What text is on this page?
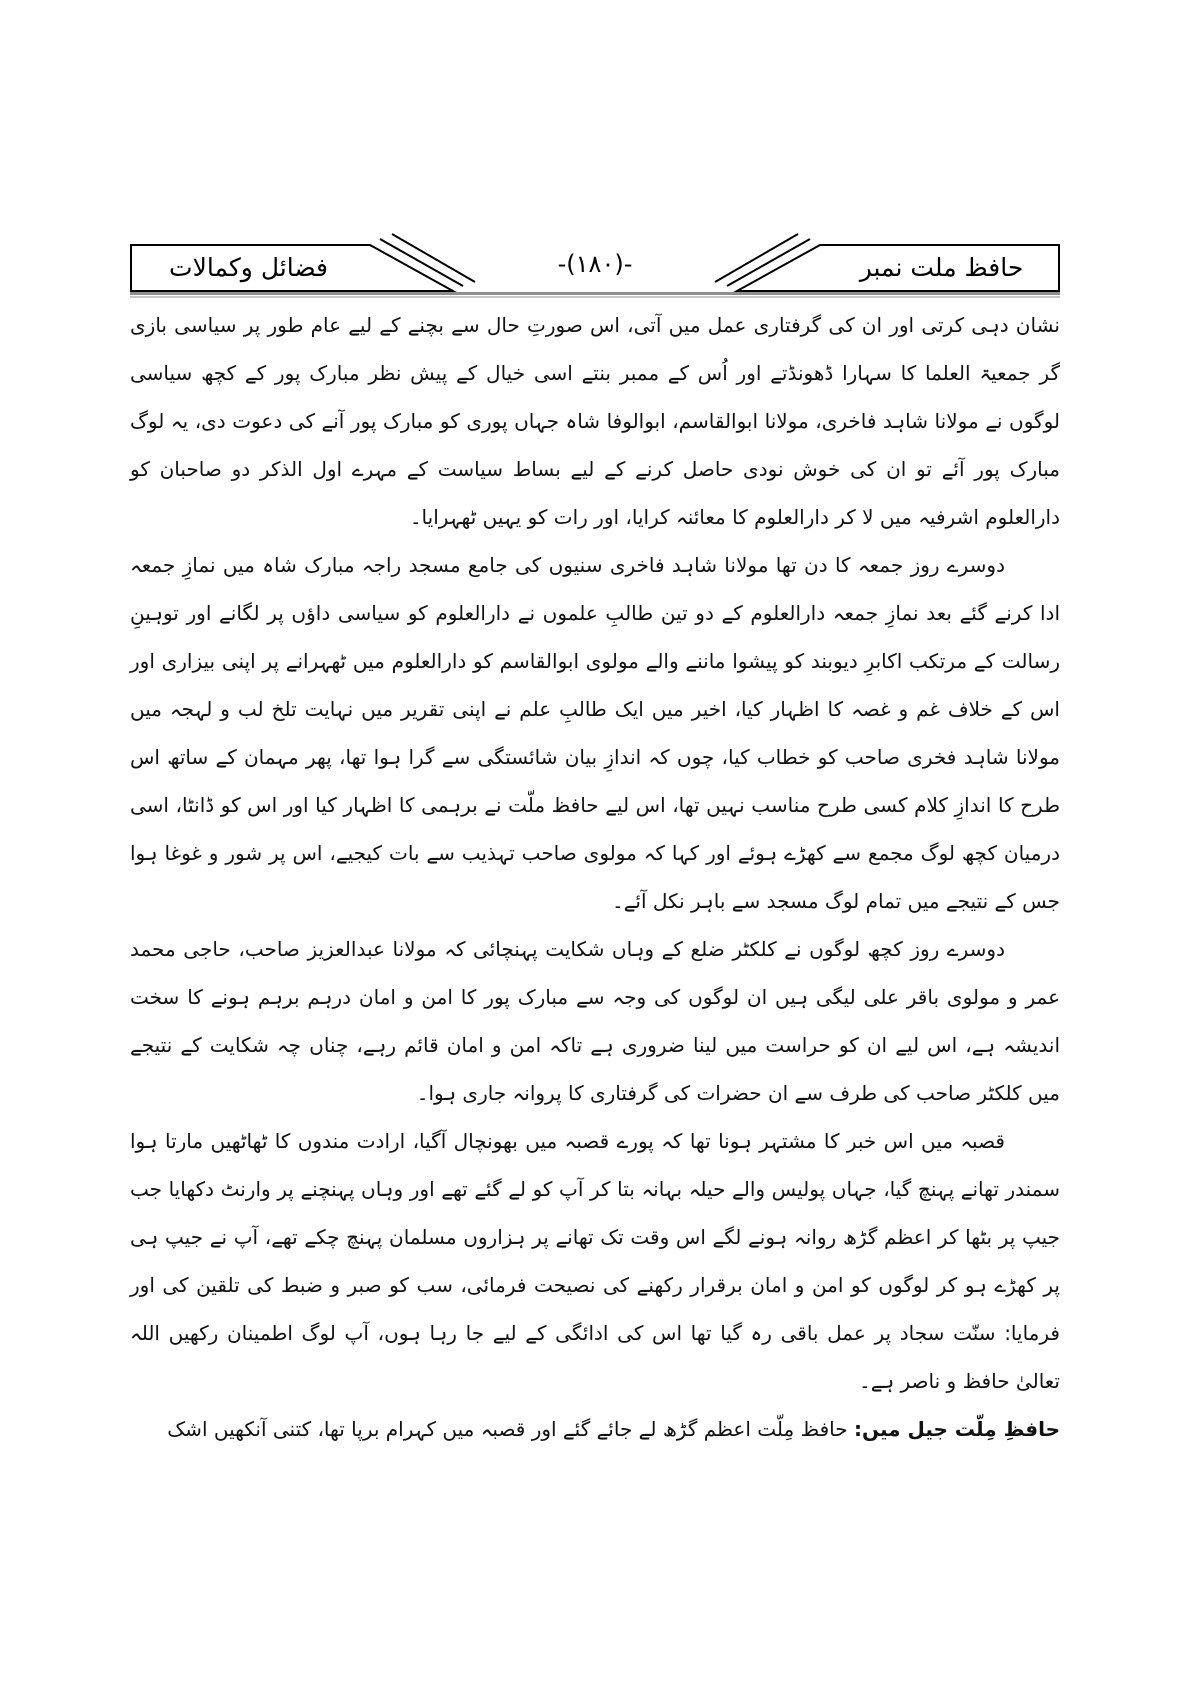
فضائل وکمالات	حافظ ملت نمبر
-(۱۸۰)-

نشان دہی کرتی اور ان کی گرفتاری عمل میں آتی، اس صورتِ حال سے بچنے کے لیے عام طور پر سیاسی بازی گر جمعیۃ العلما کا سہارا ڈھونڈتے اور اُس کے ممبر بنتے اسی خیال کے پیش نظر مبارک پور کے کچھ سیاسی لوگوں نے مولانا شاہد فاخری، مولانا ابوالقاسم، ابوالوفا شاہ جہاں پوری کو مبارک پور آنے کی دعوت دی، یہ لوگ مبارک پور آئے تو ان کی خوش نودی حاصل کرنے کے لیے بساط سیاست کے مہرے اول الذکر دو صاحبان کو دارالعلوم اشرفیہ میں لا کر دارالعلوم کا معائنہ کرایا، اور رات کو یہیں ٹھہرایا۔

دوسرے روز جمعہ کا دن تھا مولانا شاہد فاخری سنیوں کی جامع مسجد راجہ مبارک شاہ میں نمازِ جمعہ ادا کرنے گئے بعد نمازِ جمعہ دارالعلوم کے دو تین طالبِ علموں نے دارالعلوم کو سیاسی داؤں پر لگانے اور توہینِ رسالت کے مرتکب اکابرِ دیوبند کو پیشوا ماننے والے مولوی ابوالقاسم کو دارالعلوم میں ٹھہرانے پر اپنی بیزاری اور اس کے خلاف غم و غصہ کا اظہار کیا، اخیر میں ایک طالبِ علم نے اپنی تقریر میں نہایت تلخ لب و لہجہ میں مولانا شاہد فخری صاحب کو خطاب کیا، چوں کہ اندازِ بیان شائستگی سے گرا ہوا تھا، پھر مہمان کے ساتھ اس طرح کا اندازِ کلام کسی طرح مناسب نہیں تھا، اس لیے حافظ ملّت نے برہمی کا اظہار کیا اور اس کو ڈانٹا، اسی درمیان کچھ لوگ مجمع سے کھڑے ہوئے اور کہا کہ مولوی صاحب تہذیب سے بات کیجیے، اس پر شور و غوغا ہوا جس کے نتیجے میں تمام لوگ مسجد سے باہر نکل آئے۔

دوسرے روز کچھ لوگوں نے کلکٹر ضلع کے وہاں شکایت پہنچائی کہ مولانا عبدالعزیز صاحب، حاجی محمد عمر و مولوی باقر علی لیگی ہیں ان لوگوں کی وجہ سے مبارک پور کا امن و امان درہم برہم ہونے کا سخت اندیشہ ہے، اس لیے ان کو حراست میں لینا ضروری ہے تاکہ امن و امان قائم رہے، چناں چہ شکایت کے نتیجے میں کلکٹر صاحب کی طرف سے ان حضرات کی گرفتاری کا پروانہ جاری ہوا۔

قصبہ میں اس خبر کا مشتہر ہونا تھا کہ پورے قصبہ میں بھونچال آگیا، ارادت مندوں کا ٹھاٹھیں مارتا ہوا سمندر تھانے پہنچ گیا، جہاں پولیس والے حیلہ بہانہ بتا کر آپ کو لے گئے تھے اور وہاں پہنچنے پر وارنٹ دکھایا جب جیپ پر بٹھا کر اعظم گڑھ روانہ ہونے لگے اس وقت تک تھانے پر ہزاروں مسلمان پہنچ چکے تھے، آپ نے جیپ ہی پر کھڑے ہو کر لوگوں کو امن و امان برقرار رکھنے کی نصیحت فرمائی، سب کو صبر و ضبط کی تلقین کی اور فرمایا: سنّت سجاد پر عمل باقی رہ گیا تھا اس کی ادائگی کے لیے جا رہا ہوں، آپ لوگ اطمینان رکھیں اللہ تعالیٰ حافظ و ناصر ہے۔

حافظِ مِلّت جیل میں: حافظ مِلّت اعظم گڑھ لے جائے گئے اور قصبہ میں کہرام برپا تھا، کتنی آنکھیں اشک
